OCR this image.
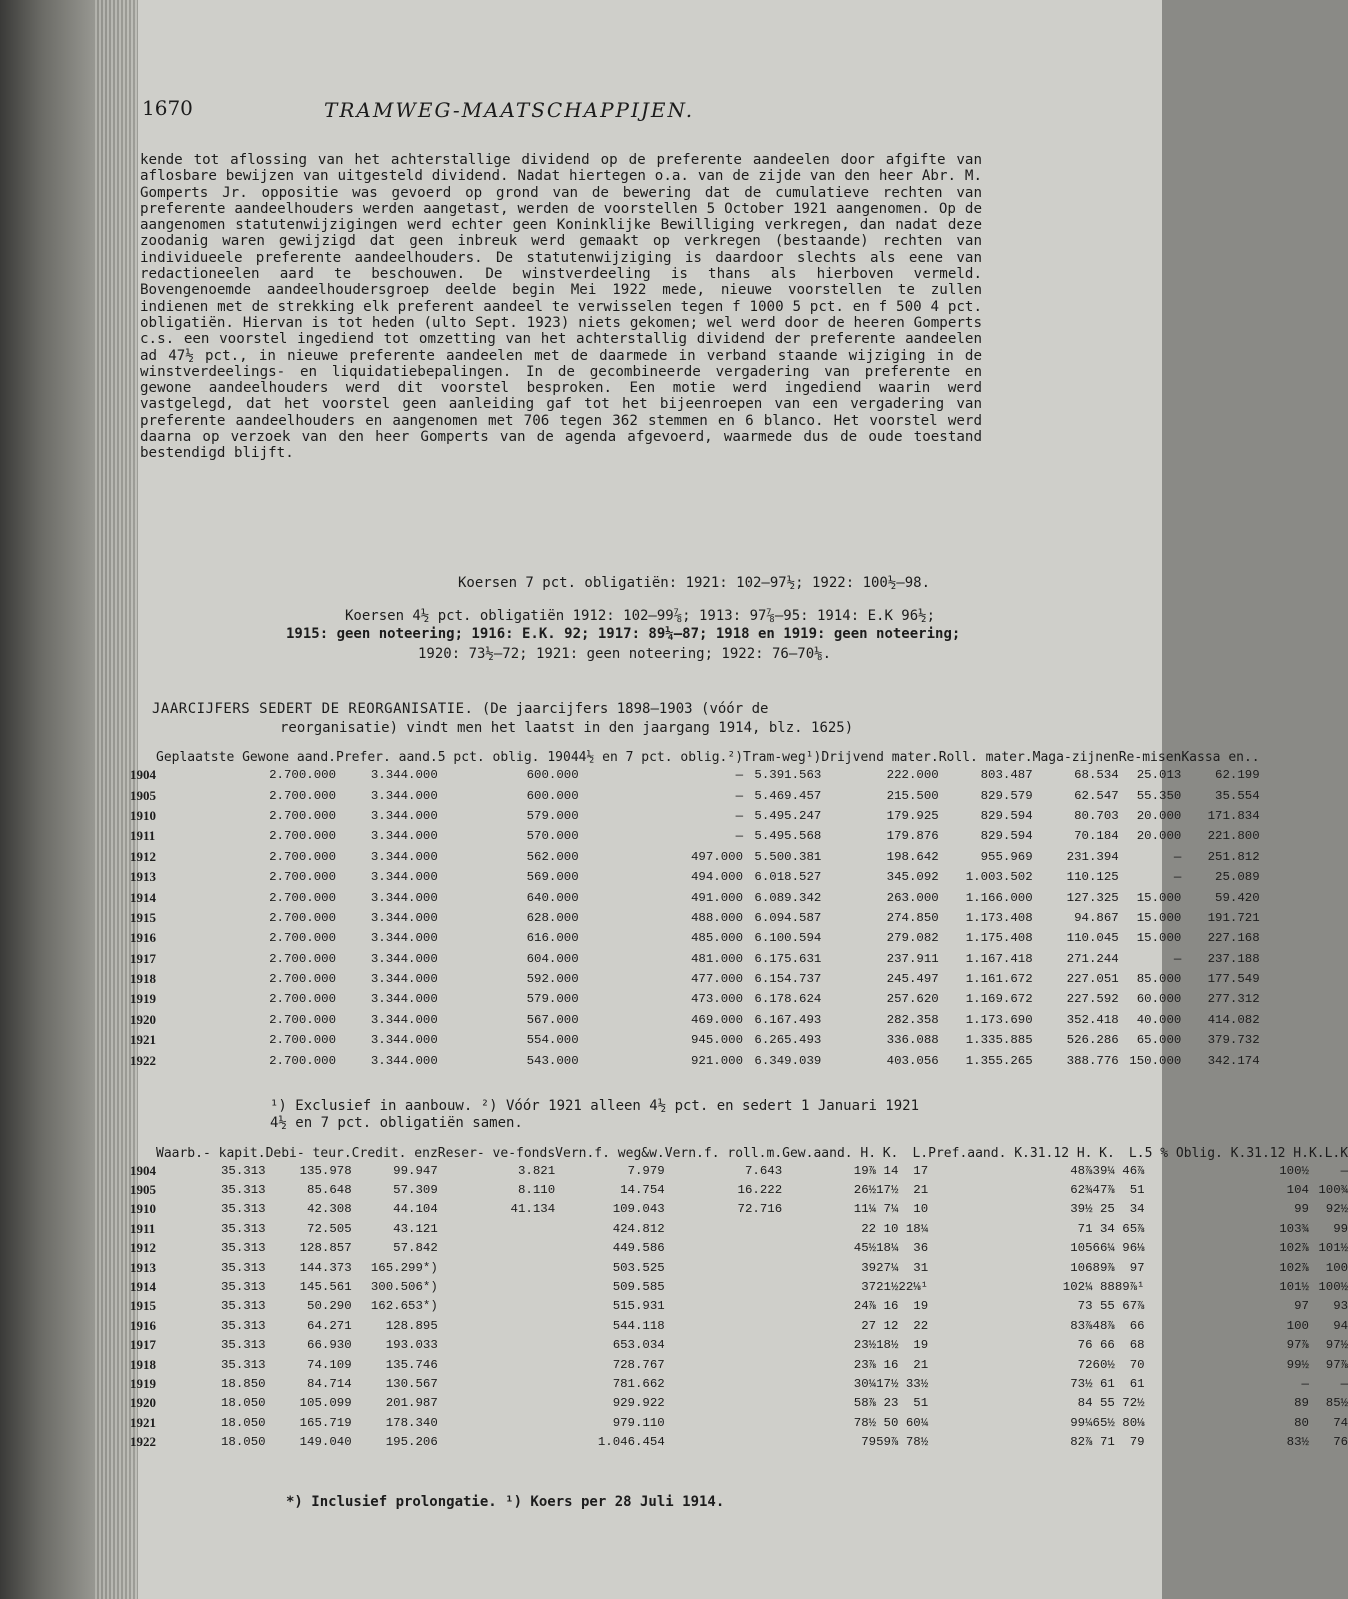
1670	TRAMWEG-MAATSCHAPPIJEN.

kende tot aflossing van het achterstallige dividend op de preferente aandeelen door afgifte van aflosbare bewijzen van uitgesteld dividend. Nadat hiertegen o.a. van de zijde van den heer Abr. M. Gomperts Jr. oppositie was gevoerd op grond van de bewering dat de cumulatieve rechten van preferente aandeelhouders werden aangetast, werden de voorstellen 5 October 1921 aangenomen. Op de aangenomen statutenwijzigingen werd echter geen Koninklijke Bewilliging verkregen, dan nadat deze zoodanig waren gewijzigd dat geen inbreuk werd gemaakt op verkregen (bestaande) rechten van individueele preferente aandeelhouders. De statutenwijziging is daardoor slechts als eene van redactioneelen aard te beschouwen. De winstverdeeling is thans als hierboven vermeld. Bovengenoemde aandeelhoudersgroep deelde begin Mei 1922 mede, nieuwe voorstellen te zullen indienen met de strekking elk preferent aandeel te verwisselen tegen f 1000 5 pct. en f 500 4 pct. obligatiën. Hiervan is tot heden (ulto Sept. 1923) niets gekomen; wel werd door de heeren Gomperts c.s. een voorstel ingediend tot omzetting van het achterstallig dividend der preferente aandeelen ad 47½ pct., in nieuwe preferente aandeelen met de daarmede in verband staande wijziging in de winstverdeelings- en liquidatiebepalingen. In de gecombineerde vergadering van preferente en gewone aandeelhouders werd dit voorstel besproken. Een motie werd ingediend waarin werd vastgelegd, dat het voorstel geen aanleiding gaf tot het bijeenroepen van een vergadering van preferente aandeelhouders en aangenomen met 706 tegen 362 stemmen en 6 blanco. Het voorstel werd daarna op verzoek van den heer Gomperts van de agenda afgevoerd, waarmede dus de oude toestand bestendigd blijft.

Koersen 7 pct. obligatiën: 1921: 102—97½; 1922: 100½—98.
Koersen 4½ pct. obligatiën 1912: 102—99⅞; 1913: 97⅞—95: 1914: E.K 96½;
1915: geen noteering; 1916: E.K. 92; 1917: 89¼—87; 1918 en 1919: geen noteering;
1920: 73½—72; 1921: geen noteering; 1922: 76—70⅛.
JAARCIJFERS SEDERT DE REORGANISATIE. (De jaarcijfers 1898—1903 (vóór de
reorganisatie) vindt men het laatst in den jaargang 1914, blz. 1625)
	Geplaatste Gewone aand.	Prefer. aand.	5 pct. oblig. 1904	4½ en 7 pct. oblig.²)	Tram-weg¹)	Drijvend mater.	Roll. mater.	Maga-zijnen	Re-misen	Kassa en..
1904	2.700.000	3.344.000	600.000	—	5.391.563	222.000	803.487	68.534	25.013	62.199
1905	2.700.000	3.344.000	600.000	—	5.469.457	215.500	829.579	62.547	55.350	35.554
1910	2.700.000	3.344.000	579.000	—	5.495.247	179.925	829.594	80.703	20.000	171.834
1911	2.700.000	3.344.000	570.000	—	5.495.568	179.876	829.594	70.184	20.000	221.800
1912	2.700.000	3.344.000	562.000	497.000	5.500.381	198.642	955.969	231.394	—	251.812
1913	2.700.000	3.344.000	569.000	494.000	6.018.527	345.092	1.003.502	110.125	—	25.089
1914	2.700.000	3.344.000	640.000	491.000	6.089.342	263.000	1.166.000	127.325	15.000	59.420
1915	2.700.000	3.344.000	628.000	488.000	6.094.587	274.850	1.173.408	94.867	15.000	191.721
1916	2.700.000	3.344.000	616.000	485.000	6.100.594	279.082	1.175.408	110.045	15.000	227.168
1917	2.700.000	3.344.000	604.000	481.000	6.175.631	237.911	1.167.418	271.244	—	237.188
1918	2.700.000	3.344.000	592.000	477.000	6.154.737	245.497	1.161.672	227.051	85.000	177.549
1919	2.700.000	3.344.000	579.000	473.000	6.178.624	257.620	1.169.672	227.592	60.000	277.312
1920	2.700.000	3.344.000	567.000	469.000	6.167.493	282.358	1.173.690	352.418	40.000	414.082
1921	2.700.000	3.344.000	554.000	945.000	6.265.493	336.088	1.335.885	526.286	65.000	379.732
1922	2.700.000	3.344.000	543.000	921.000	6.349.039	403.056	1.355.265	388.776	150.000	342.174
¹) Exclusief in aanbouw. ²) Vóór 1921 alleen 4½ pct. en sedert 1 Januari 1921
4½ en 7 pct. obligatiën samen.
	Waarb.- kapit.	Debi- teur.	Credit. enz	Reser- ve-fonds	Vern.f. weg&w.	Vern.f. roll.m.	Gew.aand. H.	K.	L.	Pref.aand. K.31.12 H.	K.	L.	5 % Oblig. K.31.12 H.	K.L.K
1904	35.313	135.978	99.947	3.821	7.979	7.643	19⅞	14	17	48⅞	39¼	46⅞	100½	—
1905	35.313	85.648	57.309	8.110	14.754	16.222	26½	17½	21	62¾	47⅞	51	104	100¾
1910	35.313	42.308	44.104	41.134	109.043	72.716	11¼	7¼	10	39½	25	34	99	92½
1911	35.313	72.505	43.121		424.812		22	10	18¼	71	34	65⅞	103¾	99
1912	35.313	128.857	57.842		449.586		45½	18¼	36	105	66¼	96⅛	102⅞	101½
1913	35.313	144.373	165.299*)		503.525		39	27¼	31	106	89⅞	97	102⅞	100
1914	35.313	145.561	300.506*)		509.585		37	21½	22⅛¹	102¼	88	89⅞¹	101½	100½
1915	35.313	50.290	162.653*)		515.931		24⅞	16	19	73	55	67⅞	97	93
1916	35.313	64.271	128.895		544.118		27	12	22	83⅞	48⅞	66	100	94
1917	35.313	66.930	193.033		653.034		23½	18½	19	76	66	68	97⅞	97½
1918	35.313	74.109	135.746		728.767		23⅞	16	21	72	60½	70	99½	97⅞
1919	18.850	84.714	130.567		781.662		30¼	17½	33½	73½	61	61	—	—
1920	18.050	105.099	201.987		929.922		58⅞	23	51	84	55	72½	89	85½
1921	18.050	165.719	178.340		979.110		78½	50	60¼	99¼	65½	80⅛	80	74
1922	18.050	149.040	195.206		1.046.454		79	59⅞	78½	82⅞	71	79	83½	76
*) Inclusief prolongatie. ¹) Koers per 28 Juli 1914.
